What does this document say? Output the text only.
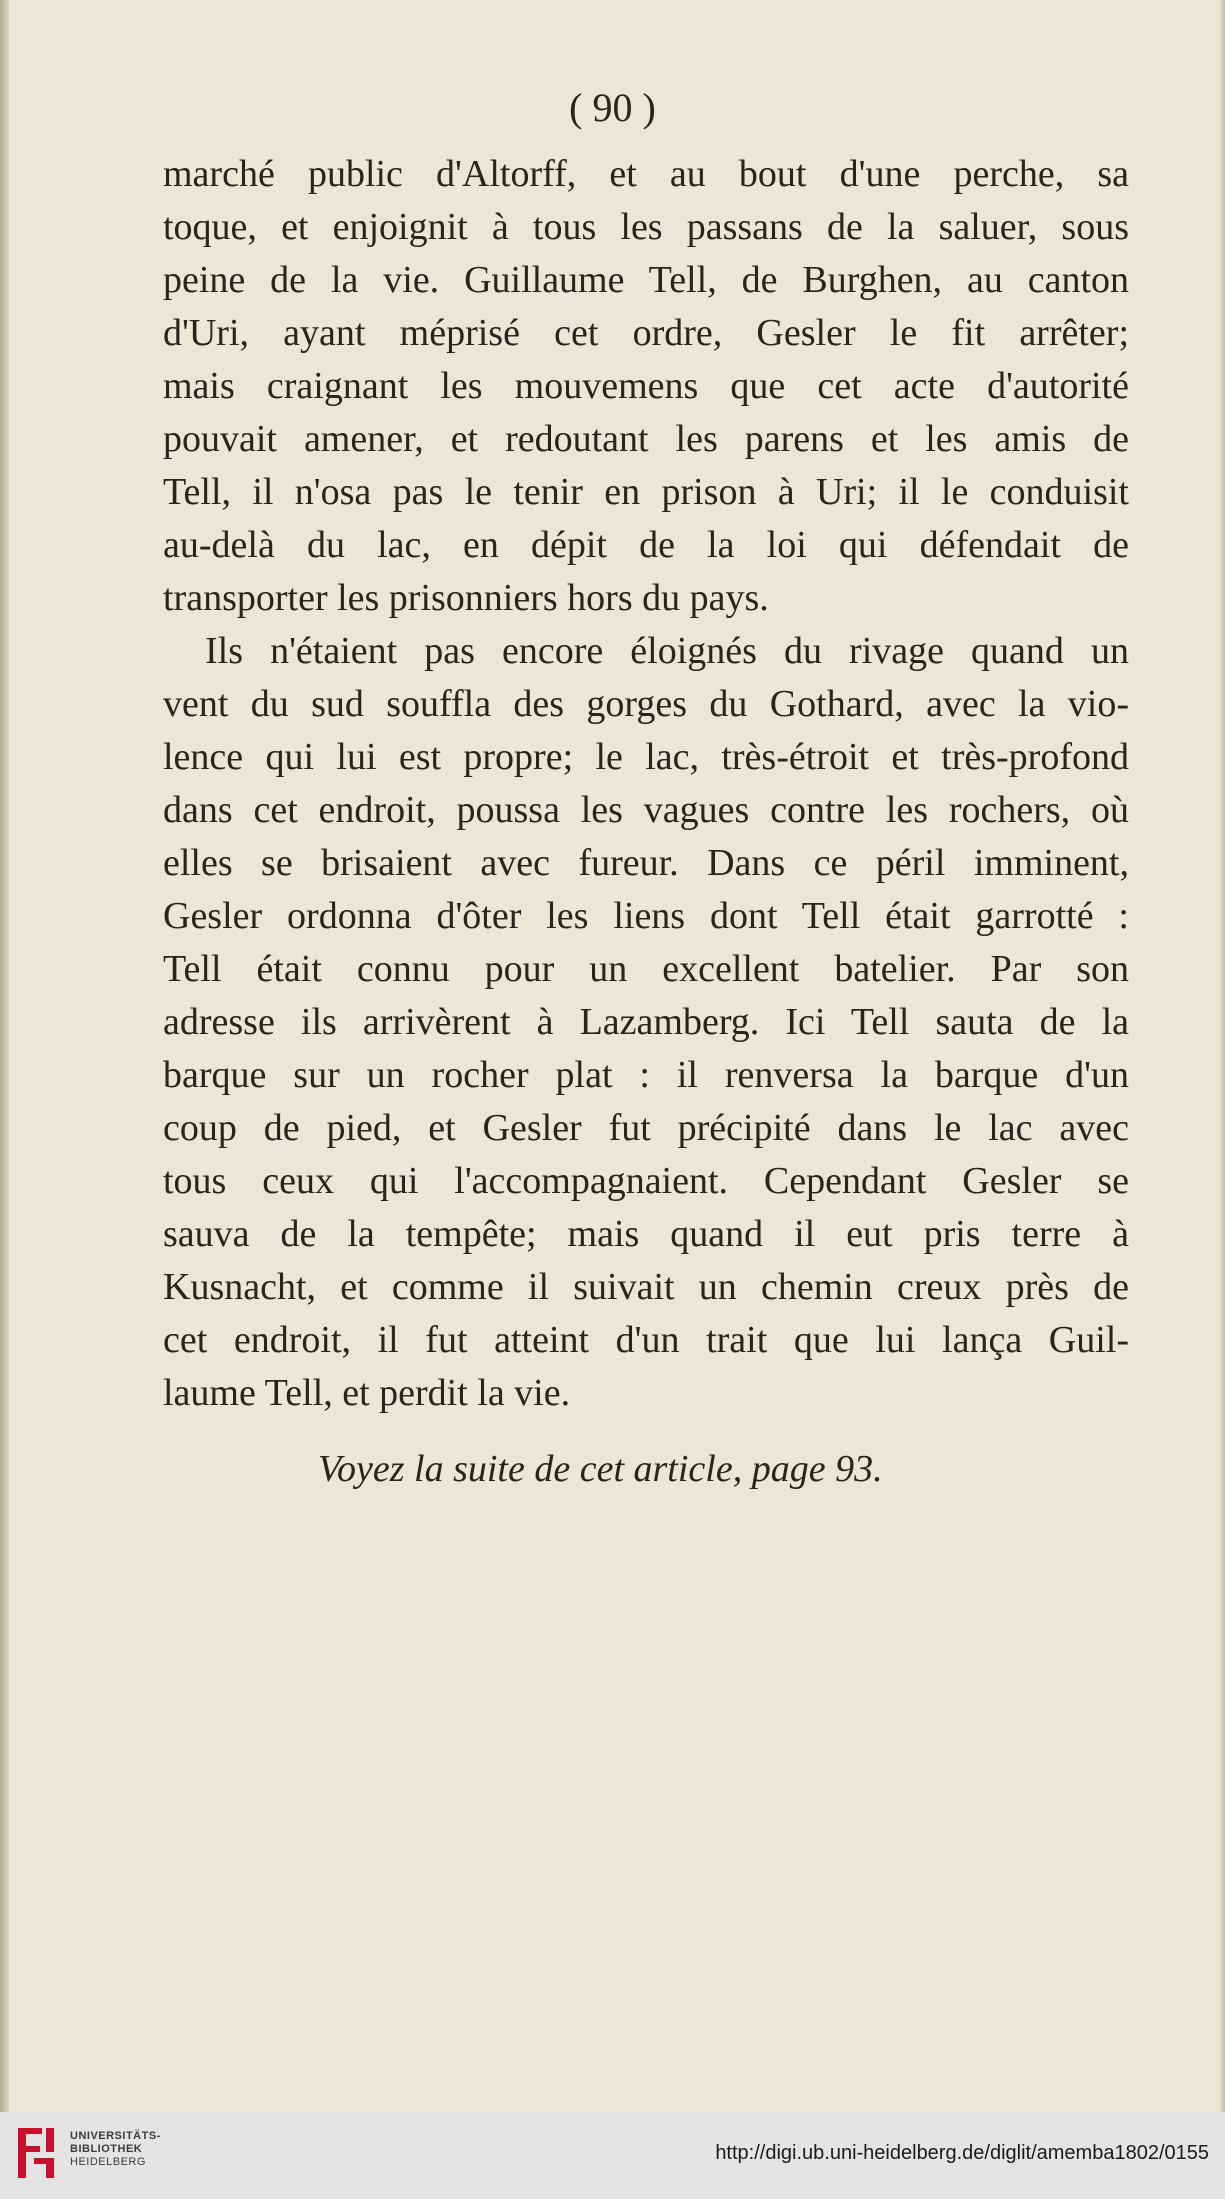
( 90 )

marché public d'Altorff, et au bout d'une perche, sa
toque, et enjoignit à tous les passans de la saluer, sous
peine de la vie. Guillaume Tell, de Burghen, au canton
d'Uri, ayant méprisé cet ordre, Gesler le fit arrêter;
mais craignant les mouvemens que cet acte d'autorité
pouvait amener, et redoutant les parens et les amis de
Tell, il n'osa pas le tenir en prison à Uri; il le conduisit
au-delà du lac, en dépit de la loi qui défendait de
transporter les prisonniers hors du pays.

Ils n'étaient pas encore éloignés du rivage quand un
vent du sud souffla des gorges du Gothard, avec la vio-
lence qui lui est propre; le lac, très-étroit et très-profond
dans cet endroit, poussa les vagues contre les rochers, où
elles se brisaient avec fureur. Dans ce péril imminent,
Gesler ordonna d'ôter les liens dont Tell était garrotté :
Tell était connu pour un excellent batelier. Par son
adresse ils arrivèrent à Lazamberg. Ici Tell sauta de la
barque sur un rocher plat : il renversa la barque d'un
coup de pied, et Gesler fut précipité dans le lac avec
tous ceux qui l'accompagnaient. Cependant Gesler se
sauva de la tempête; mais quand il eut pris terre à
Kusnacht, et comme il suivait un chemin creux près de
cet endroit, il fut atteint d'un trait que lui lança Guil-
laume Tell, et perdit la vie.

Voyez la suite de cet article, page 93.
UNIVERSITÄTS-
BIBLIOTHEK
HEIDELBERG	http://digi.ub.uni-heidelberg.de/diglit/amemba1802/0155
